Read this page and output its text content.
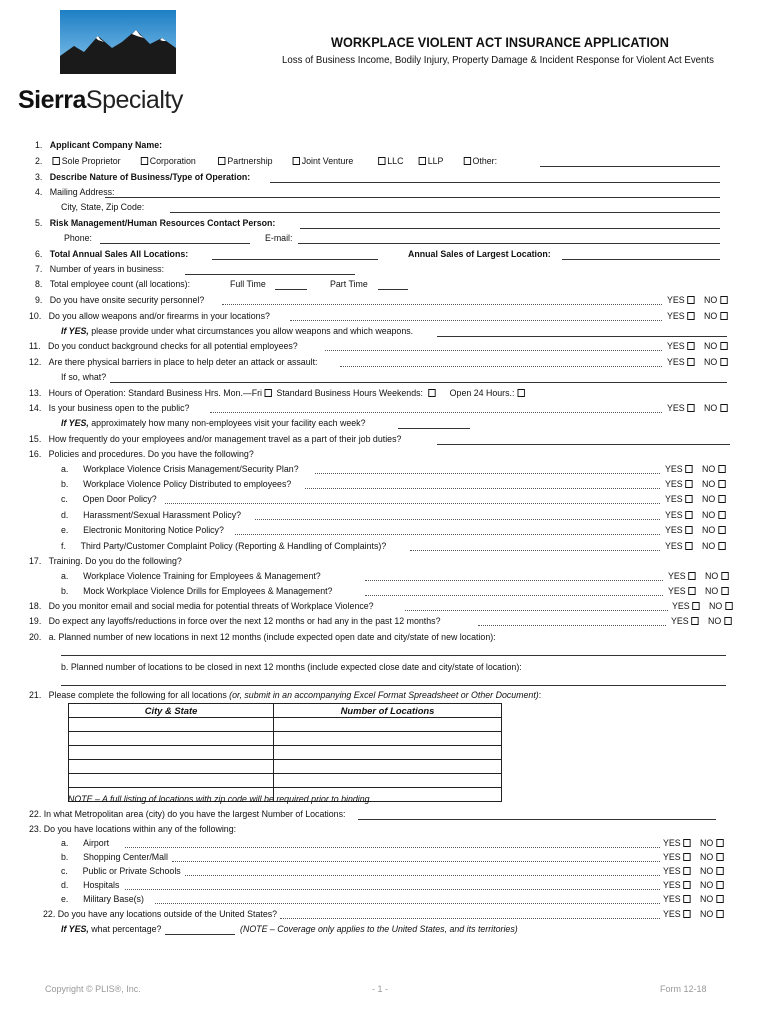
SierraSpecialty
WORKPLACE VIOLENT ACT INSURANCE APPLICATION
Loss of Business Income, Bodily Injury, Property Damage & Incident Response for Violent Act Events
1. Applicant Company Name:
2. Sole Proprietor	Corporation	Partnership	Joint Venture	LLC	LLP	Other:
3. Describe Nature of Business/Type of Operation:
4. Mailing Address:
City, State, Zip Code:
5. Risk Management/Human Resources Contact Person:
Phone:	E-mail:
6. Total Annual Sales All Locations:	Annual Sales of Largest Location:
7. Number of years in business:
8. Total employee count (all locations):	Full Time	Part Time
9. Do you have onsite security personnel?	YES NO
10. Do you allow weapons and/or firearms in your locations?	YES NO
If YES, please provide under what circumstances you allow weapons and which weapons.
11. Do you conduct background checks for all potential employees?	YES NO
12. Are there physical barriers in place to help deter an attack or assault:	YES NO
If so, what?
13. Hours of Operation: Standard Business Hrs. Mon.—Fri Standard Business Hours Weekends:	Open 24 Hours.:
14. Is your business open to the public?	YES NO
If YES, approximately how many non-employees visit your facility each week?
15. How frequently do your employees and/or management travel as a part of their job duties?
16. Policies and procedures. Do you have the following?
a. Workplace Violence Crisis Management/Security Plan?	YES NO
b. Workplace Violence Policy Distributed to employees?	YES NO
c. Open Door Policy?	YES NO
d. Harassment/Sexual Harassment Policy?	YES NO
e. Electronic Monitoring Notice Policy?	YES NO
f. Third Party/Customer Complaint Policy (Reporting & Handling of Complaints)?	YES NO
17. Training. Do you do the following?
a. Workplace Violence Training for Employees & Management?	YES NO
b. Mock Workplace Violence Drills for Employees & Management?	YES NO
18. Do you monitor email and social media for potential threats of Workplace Violence?	YES NO
19. Do expect any layoffs/reductions in force over the next 12 months or had any in the past 12 months?	YES NO
20. a. Planned number of new locations in next 12 months (include expected open date and city/state of new location):
b. Planned number of locations to be closed in next 12 months (include expected close date and city/state of location):
21. Please complete the following for all locations (or, submit in an accompanying Excel Format Spreadsheet or Other Document):
City & State	Number of Locations

NOTE – A full listing of locations with zip code will be required prior to binding.
22. In what Metropolitan area (city) do you have the largest Number of Locations:
23. Do you have locations within any of the following:
a. Airport	YES NO
b. Shopping Center/Mall	YES NO
c. Public or Private Schools	YES NO
d. Hospitals	YES NO
e. Military Base(s)	YES NO
22. Do you have any locations outside of the United States?	YES NO
If YES, what percentage?	(NOTE – Coverage only applies to the United States, and its territories)
Copyright © PLIS®, Inc.	- 1 -	Form 12-18
